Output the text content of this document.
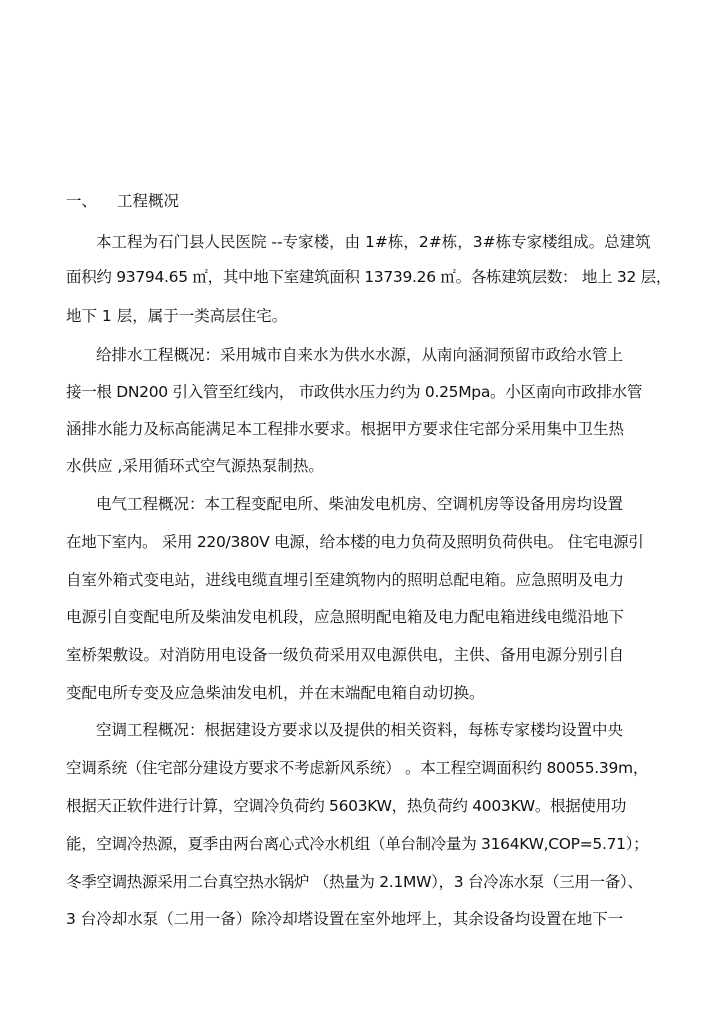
一、 工程概况
本工程为石门县人民医院 --专家楼，由 1#栋，2#栋，3#栋专家楼组成。总建筑
面积约 93794.65 ㎡，其中地下室建筑面积 13739.26 ㎡。各栋建筑层数： 地上 32 层，
地下 1 层，属于一类高层住宅。
给排水工程概况：采用城市自来水为供水水源，从南向涵洞预留市政给水管上
接一根 DN200 引入管至红线内， 市政供水压力约为 0.25Mpa。小区南向市政排水管
涵排水能力及标高能满足本工程排水要求。根据甲方要求住宅部分采用集中卫生热
水供应 ,采用循环式空气源热泵制热。
电气工程概况：本工程变配电所、柴油发电机房、空调机房等设备用房均设置
在地下室内。 采用 220/380V 电源，给本楼的电力负荷及照明负荷供电。 住宅电源引
自室外箱式变电站，进线电缆直埋引至建筑物内的照明总配电箱。应急照明及电力
电源引自变配电所及柴油发电机段，应急照明配电箱及电力配电箱进线电缆沿地下
室桥架敷设。对消防用电设备一级负荷采用双电源供电，主供、备用电源分别引自
变配电所专变及应急柴油发电机，并在末端配电箱自动切换。
空调工程概况：根据建设方要求以及提供的相关资料，每栋专家楼均设置中央
空调系统（住宅部分建设方要求不考虑新风系统） 。本工程空调面积约 80055.39m，
根据天正软件进行计算，空调冷负荷约 5603KW，热负荷约 4003KW。根据使用功
能，空调冷热源，夏季由两台离心式冷水机组（单台制冷量为 3164KW,COP=5.71）；
冬季空调热源采用二台真空热水锅炉 （热量为 2.1MW），3 台冷冻水泵（三用一备）、
3 台冷却水泵（二用一备）除冷却塔设置在室外地坪上，其余设备均设置在地下一
